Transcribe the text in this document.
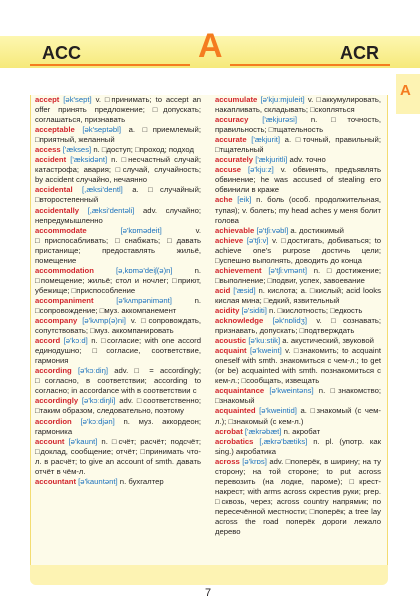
ACC	A	ACR
A

accept [ək'sept] v. □принимать; to accept an offer принять предложение; □допускать; соглашаться, признавать

acceptable [ək'septəbl] a. □приемлемый; □приятный, желанный

access ['ækses] n. □доступ; □проход; подход

accident ['æksidənt] n. □несчастный случай; катастрофа; авария; □случай, случайность; by accident случайно, нечаянно

accidental [,æksi'dentl] a. □случайный; □второстепенный

accidentally [,æksi'dentəli] adv. случайно; непредумышленно

accommodate	[ə'kɒmədeit] v. □приспосабливать; □снабжать; □давать пристанище; предоставлять жильё, помещение

accommodation	[ə,kɒmə'deiʃ(ə)n] n. □помещение; жильё; стол и ночлег; □приют, убежище; □приспособление

accompaniment	[ə'kʌmpənimənt] n. □сопровождение; □муз. аккомпанемент

accompany [ə'kʌmp(ə)ni] v. □сопровождать, сопутствовать; □муз. аккомпанировать

accord [ə'kɔːd] n. □согласие; with one accord единодушно; □согласие, соответствие, гармония

according [ə'kɔːdiŋ] adv. □ = accordingly; □согласно, в соответствии; according to согласно; in accordance with в соответствии с

accordingly [ə'kɔːdiŋli] adv. □соответственно; □таким образом, следовательно, поэтому

accordion [ə'kɔːdjən] n. муз. аккордеон; гармоника

account [ə'kaunt] n. □счёт; расчёт; подсчёт; □доклад, сообщение; отчёт; □принимать что-л. в расчёт; to give an account of smth. давать отчёт в чём-л.

accountant [ə'kauntənt] n. бухгалтер

accumulate [ə'kjuːmjuleit] v. □аккумулировать, накапливать, складывать; □скопляться

accuracy ['ækjurəsi] n. □точность, правильность; □тщательность

accurate ['ækjurit] a. □точный, правильный; □тщательный

accurately ['ækjuritli] adv. точно

accuse [ə'kjuːz] v. обвинять, предъявлять обвинение; he was accused of stealing его обвинили в краже

ache [eik] n. боль (особ. продолжительная, тупая); v. болеть; my head aches у меня болит голова

achievable [ə'tʃiːvəbl] a. достижимый

achieve [ə'tʃiːv] v. □достигать, добиваться; to achieve one's purpose достичь цели; □успешно выполнять, доводить до конца

achievement [ə'tʃiːvmənt] n. □достижение; □выполнение; □подвиг, успех, завоевание

acid ['æsid] n. кислота; a. □кислый; acid looks кислая мина; □едкий, язвительный

acidity [ə'siditi] n. □кислотность; □едкость

acknowledge [ək'nɒlidʒ] v. □сознавать; признавать, допускать; □подтверждать

acoustic [ə'kuːstik] a. акустический, звуковой

acquaint [ə'kweint] v. □знакомить; to acquaint oneself with smth. знакомиться с чем-л.; to get (or be) acquainted with smth. познакомиться с кем-л.; □сообщать, извещать

acquaintance [ə'kweintəns] n. □знакомство; □знакомый

acquainted [ə'kweintid] a. □знакомый (с чем-л.); □знакомый (с кем-л.)

acrobat ['ækrəbæt] n. акробат

acrobatics [,ækrə'bætiks] n. pl. (употр. как sing.) акробатика

across [ə'krɒs] adv. □поперёк, в ширину; на ту сторону; на той стороне; to put across перевозить (на лодке, пароме); □крест-накрест; with arms across скрестив руки; prep. □сквозь, через; across country напрямик; по пересечённой местности; □поперёк; a tree lay across the road поперёк дороги лежало дерево

7
